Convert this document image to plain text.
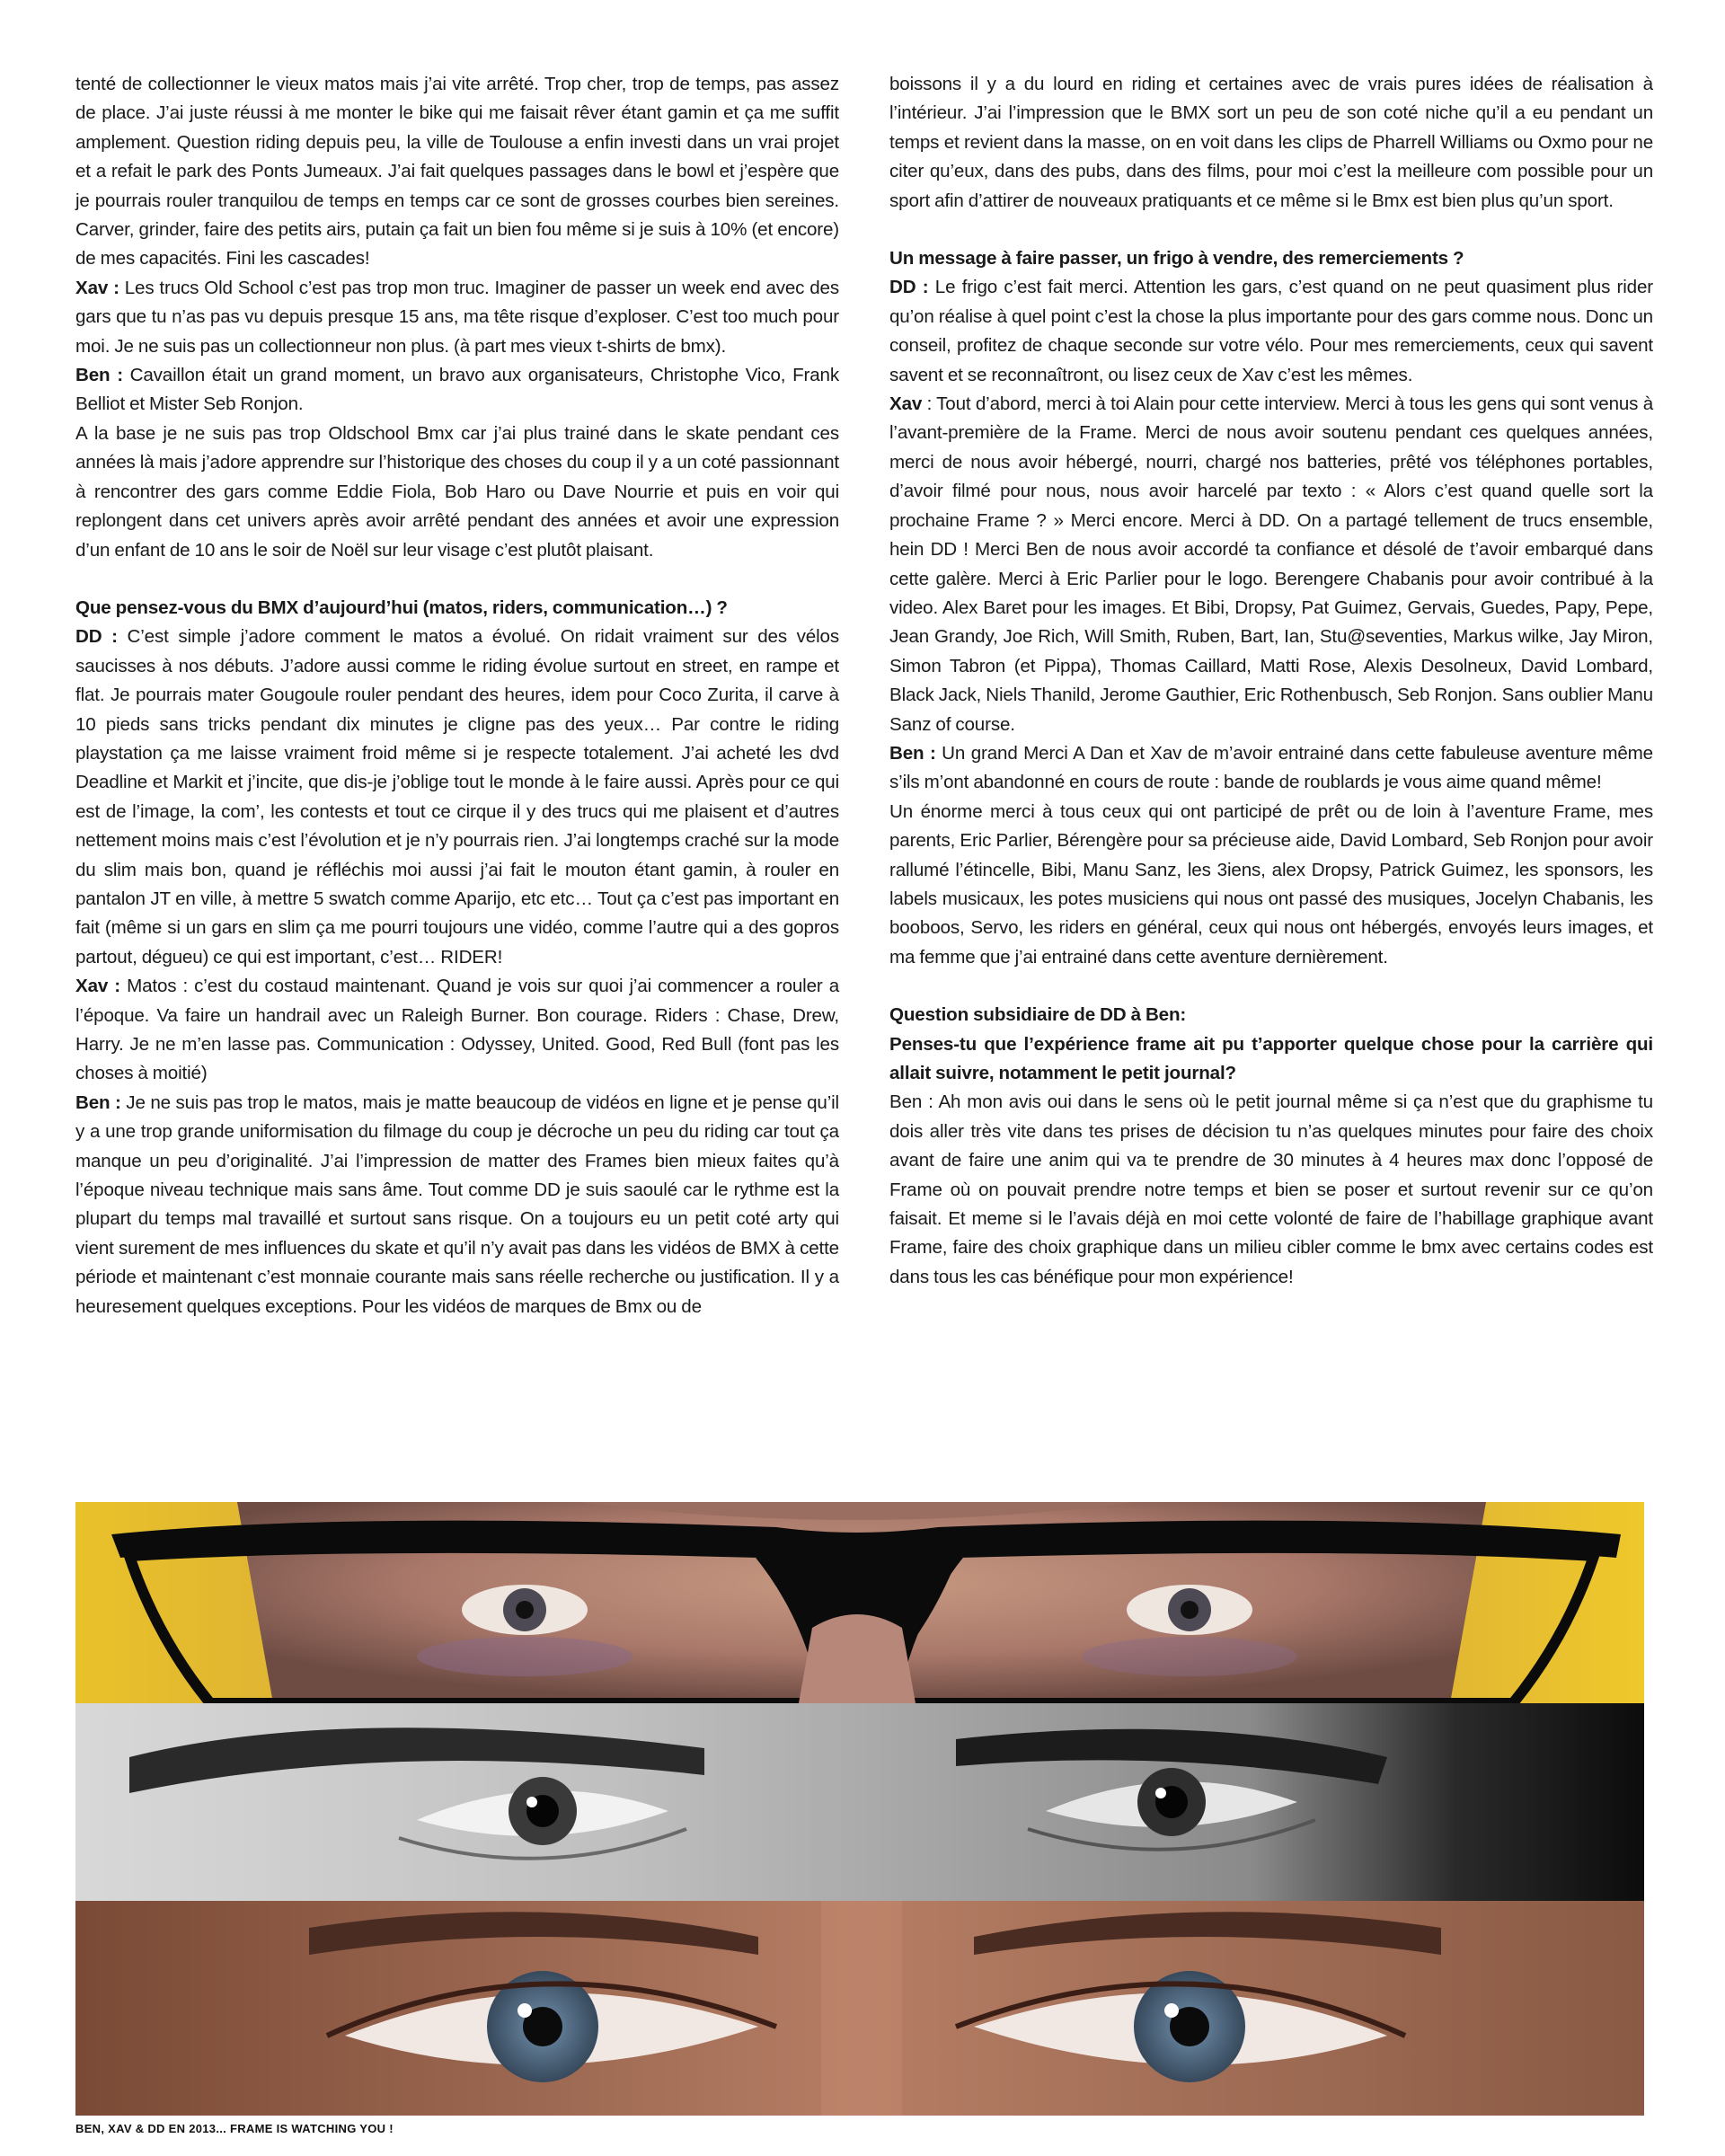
tenté de collectionner le vieux matos mais j’ai vite arrêté. Trop cher, trop de temps, pas assez de place. J’ai juste réussi à me monter le bike qui me faisait rêver étant gamin et ça me suffit amplement. Question riding depuis peu, la ville de Toulouse a enfin investi dans un vrai projet et a refait le park des Ponts Jumeaux. J’ai fait quelques passages dans le bowl et j’espère que je pourrais rouler tranquilou de temps en temps car ce sont de grosses courbes bien sereines. Carver, grinder, faire des petits airs, putain ça fait un bien fou même si je suis à 10% (et encore) de mes capacités. Fini les cascades!

Xav : Les trucs Old School c’est pas trop mon truc. Imaginer de passer un week end avec des gars que tu n’as pas vu depuis presque 15 ans, ma tête risque d’exploser. C’est too much pour moi. Je ne suis pas un collectionneur non plus. (à part mes vieux t-shirts de bmx).

Ben : Cavaillon était un grand moment, un bravo aux organisateurs, Christophe Vico, Frank Belliot et Mister Seb Ronjon.

A la base je ne suis pas trop Oldschool Bmx car j’ai plus trainé dans le skate pendant ces années là mais j’adore apprendre sur l’historique des choses du coup il y a un coté passionnant à rencontrer des gars comme Eddie Fiola, Bob Haro ou Dave Nourrie et puis en voir qui replongent dans cet univers après avoir arrêté pendant des années et avoir une expression d’un enfant de 10 ans le soir de Noël sur leur visage c’est plutôt plaisant.

Que pensez-vous du BMX d’aujourd’hui (matos, riders, communication…) ?

DD : C’est simple j’adore comment le matos a évolué. On ridait vraiment sur des vélos saucisses à nos débuts. J’adore aussi comme le riding évolue surtout en street, en rampe et flat. Je pourrais mater Gougoule rouler pendant des heures, idem pour Coco Zurita, il carve à 10 pieds sans tricks pendant dix minutes je cligne pas des yeux… Par contre le riding playstation ça me laisse vraiment froid même si je respecte totalement. J’ai acheté les dvd Deadline et Markit et j’incite, que dis-je j’oblige tout le monde à le faire aussi. Après pour ce qui est de l’image, la com’, les contests et tout ce cirque il y des trucs qui me plaisent et d’autres nettement moins mais c’est l’évolution et je n’y pourrais rien. J’ai longtemps craché sur la mode du slim mais bon, quand je réfléchis moi aussi j’ai fait le mouton étant gamin, à rouler en pantalon JT en ville, à mettre 5 swatch comme Aparijo, etc etc… Tout ça c’est pas important en fait (même si un gars en slim ça me pourri toujours une vidéo, comme l’autre qui a des gopros partout, dégueu) ce qui est important, c’est… RIDER!

Xav : Matos : c’est du costaud maintenant. Quand je vois sur quoi j’ai commencer a rouler a l’époque. Va faire un handrail avec un Raleigh Burner. Bon courage. Riders : Chase, Drew, Harry. Je ne m’en lasse pas. Communication : Odyssey, United. Good, Red Bull (font pas les choses à moitié)

Ben : Je ne suis pas trop le matos, mais je matte beaucoup de vidéos en ligne et je pense qu’il y a une trop grande uniformisation du filmage du coup je décroche un peu du riding car tout ça manque un peu d’originalité. J’ai l’impression de matter des Frames bien mieux faites qu’à l’époque niveau technique mais sans âme. Tout comme DD je suis saoulé car le rythme est la plupart du temps mal travaillé et surtout sans risque. On a toujours eu un petit coté arty qui vient surement de mes influences du skate et qu’il n’y avait pas dans les vidéos de BMX à cette période et maintenant c’est monnaie courante mais sans réelle recherche ou justification. Il y a heuresement quelques exceptions. Pour les vidéos de marques de Bmx ou de

boissons il y a du lourd en riding et certaines avec de vrais pures idées de réalisation à l’intérieur. J’ai l’impression que le BMX sort un peu de son coté niche qu’il a eu pendant un temps et revient dans la masse, on en voit dans les clips de Pharrell Williams ou Oxmo pour ne citer qu’eux, dans des pubs, dans des films, pour moi c’est la meilleure com possible pour un sport afin d’attirer de nouveaux pratiquants et ce même si le Bmx est bien plus qu’un sport.

Un message à faire passer, un frigo à vendre, des remerciements ?

DD : Le frigo c’est fait merci. Attention les gars, c’est quand on ne peut quasiment plus rider qu’on réalise à quel point c’est la chose la plus importante pour des gars comme nous. Donc un conseil, profitez de chaque seconde sur votre vélo. Pour mes remerciements, ceux qui savent savent et se reconnaîtront, ou lisez ceux de Xav c’est les mêmes.

Xav : Tout d’abord, merci à toi Alain pour cette interview. Merci à tous les gens qui sont venus à l’avant-première de la Frame. Merci de nous avoir soutenu pendant ces quelques années, merci de nous avoir hébergé, nourri, chargé nos batteries, prêté vos téléphones portables, d’avoir filmé pour nous, nous avoir harcelé par texto : « Alors c’est quand quelle sort la prochaine Frame ? » Merci encore. Merci à DD. On a partagé tellement de trucs ensemble, hein DD ! Merci Ben de nous avoir accordé ta confiance et désolé de t’avoir embarqué dans cette galère. Merci à Eric Parlier pour le logo. Berengere Chabanis pour avoir contribué à la video. Alex Baret pour les images. Et Bibi, Dropsy, Pat Guimez, Gervais, Guedes, Papy, Pepe, Jean Grandy, Joe Rich, Will Smith, Ruben, Bart, Ian, Stu@seventies, Markus wilke, Jay Miron, Simon Tabron (et Pippa), Thomas Caillard, Matti Rose, Alexis Desolneux, David Lombard, Black Jack, Niels Thanild, Jerome Gauthier, Eric Rothenbusch, Seb Ronjon. Sans oublier Manu Sanz of course.

Ben : Un grand Merci A Dan et Xav de m’avoir entrainé dans cette fabuleuse aventure même s’ils m’ont abandonné en cours de route : bande de roublards je vous aime quand même!

Un énorme merci à tous ceux qui ont participé de prêt ou de loin à l’aventure Frame, mes parents, Eric Parlier, Bérengère pour sa précieuse aide, David Lombard, Seb Ronjon pour avoir rallumé l’étincelle, Bibi, Manu Sanz, les 3iens, alex Dropsy, Patrick Guimez, les sponsors, les labels musicaux, les potes musiciens qui nous ont passé des musiques, Jocelyn Chabanis, les booboos, Servo, les riders en général, ceux qui nous ont hébergés, envoyés leurs images, et ma femme que j’ai entrainé dans cette aventure dernièrement.

Question subsidiaire de DD à Ben:

Penses-tu que l’expérience frame ait pu t’apporter quelque chose pour la carrière qui allait suivre, notamment le petit journal?

Ben : Ah mon avis oui dans le sens où le petit journal même si ça n’est que du graphisme tu dois aller très vite dans tes prises de décision tu n’as quelques minutes pour faire des choix avant de faire une anim qui va te prendre de 30 minutes à 4 heures max donc l’opposé de Frame où on pouvait prendre notre temps et bien se poser et surtout revenir sur ce qu’on faisait. Et meme si le l’avais déjà en moi cette volonté de faire de l’habillage graphique avant Frame, faire des choix graphique dans un milieu cibler comme le bmx avec certains codes est dans tous les cas bénéfique pour mon expérience!

BEN, XAV & DD EN 2013... FRAME IS WATCHING YOU !
